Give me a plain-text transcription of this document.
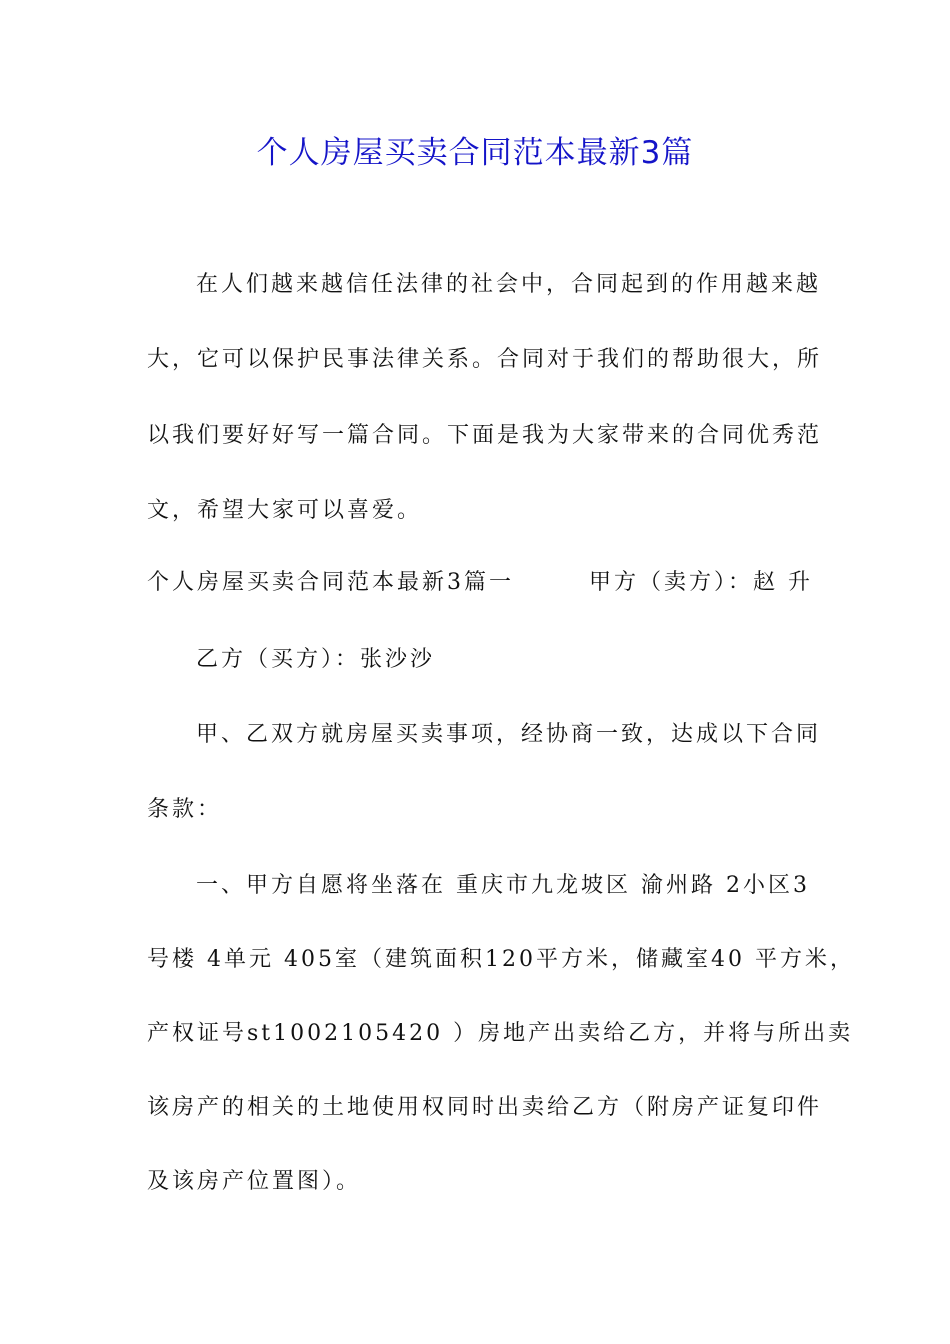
个人房屋买卖合同范本最新3篇
在人们越来越信任法律的社会中，合同起到的作用越来越
大，它可以保护民事法律关系。合同对于我们的帮助很大，所
以我们要好好写一篇合同。下面是我为大家带来的合同优秀范
文，希望大家可以喜爱。
个人房屋买卖合同范本最新3篇一　　　甲方（卖方）：赵 升
乙方（买方）：张沙沙
甲、乙双方就房屋买卖事项，经协商一致，达成以下合同
条款：
一、甲方自愿将坐落在 重庆市九龙坡区 渝州路 2小区3
号楼 4单元 405室（建筑面积120平方米，储藏室40 平方米，
产权证号st1002105420 ）房地产出卖给乙方，并将与所出卖
该房产的相关的土地使用权同时出卖给乙方（附房产证复印件
及该房产位置图）。
